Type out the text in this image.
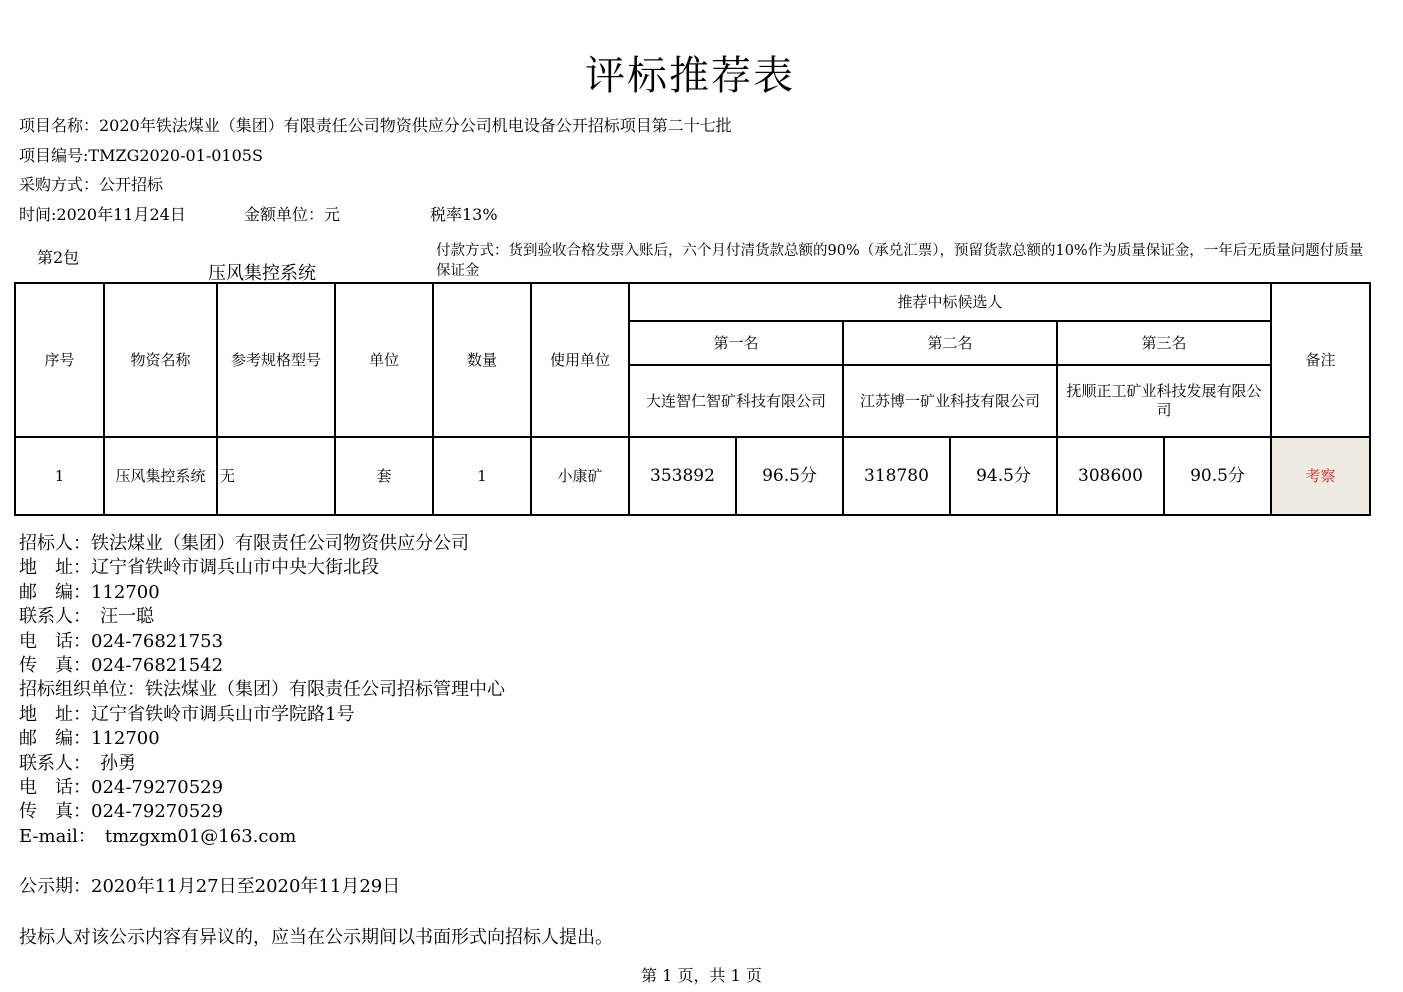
评标推荐表
项目名称：2020年铁法煤业（集团）有限责任公司物资供应分公司机电设备公开招标项目第二十七批
项目编号:TMZG2020-01-0105S
采购方式：公开招标
时间:2020年11月24日	金额单位：元	税率13%
第2包
压风集控系统
付款方式：货到验收合格发票入账后，六个月付清货款总额的90%（承兑汇票），预留货款总额的10%作为质量保证金，一年后无质量问题付质量保证金
序号	物资名称	参考规格型号	单位	数量	使用单位	推荐中标候选人						备注
						第一名		第二名		第三名		
						大连智仁智矿科技有限公司		江苏博一矿业科技有限公司		抚顺正工矿业科技发展有限公司		
1	压风集控系统	无	套	1	小康矿	353892	96.5分	318780	94.5分	308600	90.5分	考察
招标人：铁法煤业（集团）有限责任公司物资供应分公司
地　址：辽宁省铁岭市调兵山市中央大街北段
邮　编：112700
联系人：　汪一聪
电　话：024-76821753
传　真：024-76821542
招标组织单位：铁法煤业（集团）有限责任公司招标管理中心
地　址：辽宁省铁岭市调兵山市学院路1号
邮　编：112700
联系人：　孙勇
电　话：024-79270529
传　真：024-79270529
E-mail：　tmzgxm01@163.com
公示期：2020年11月27日至2020年11月29日
投标人对该公示内容有异议的，应当在公示期间以书面形式向招标人提出。
第 1 页，共 1 页
